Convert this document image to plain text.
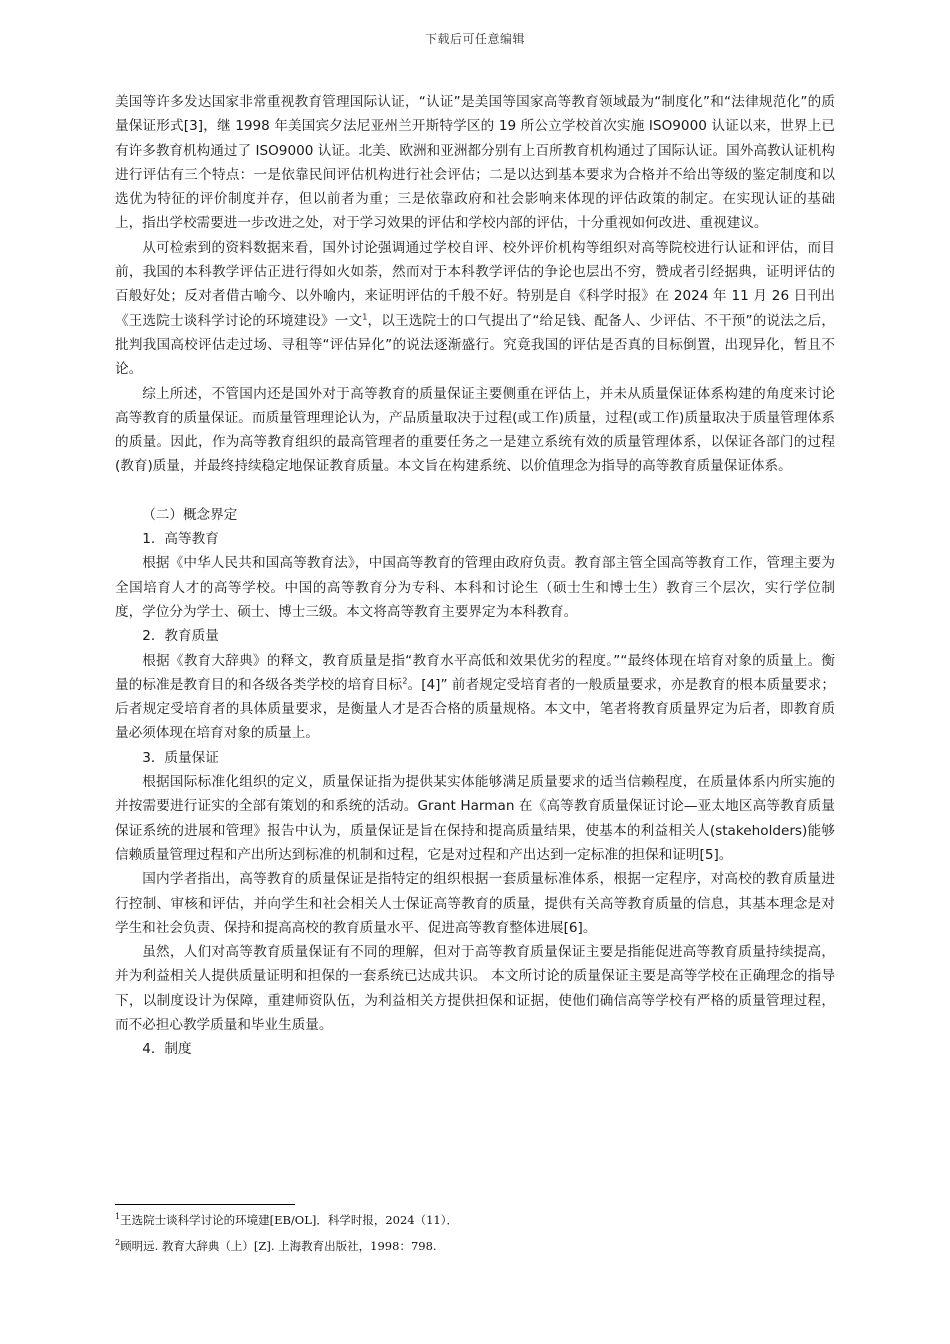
下载后可任意编辑

美国等许多发达国家非常重视教育管理国际认证，“认证”是美国等国家高等教育领域最为“制度化”和“法律规范化”的质量保证形式[3]，继 1998 年美国宾夕法尼亚州兰开斯特学区的 19 所公立学校首次实施 ISO9000 认证以来，世界上已有许多教育机构通过了 ISO9000 认证。北美、欧洲和亚洲都分别有上百所教育机构通过了国际认证。国外高教认证机构进行评估有三个特点：一是依靠民间评估机构进行社会评估；二是以达到基本要求为合格并不给出等级的鉴定制度和以选优为特征的评价制度并存，但以前者为重；三是依靠政府和社会影响来体现的评估政策的制定。在实现认证的基础上，指出学校需要进一步改进之处，对于学习效果的评估和学校内部的评估，十分重视如何改进、重视建议。

从可检索到的资料数据来看，国外讨论强调通过学校自评、校外评价机构等组织对高等院校进行认证和评估，而目前，我国的本科教学评估正进行得如火如荼，然而对于本科教学评估的争论也层出不穷，赞成者引经据典，证明评估的百般好处；反对者借古喻今、以外喻内，来证明评估的千般不好。特别是自《科学时报》在 2024 年 11 月 26 日刊出《王选院士谈科学讨论的环境建设》一文$^1$，以王选院士的口气提出了“给足钱、配备人、少评估、不干预”的说法之后，批判我国高校评估走过场、寻租等“评估异化”的说法逐渐盛行。究竟我国的评估是否真的目标倒置，出现异化，暂且不论。

综上所述，不管国内还是国外对于高等教育的质量保证主要侧重在评估上，并未从质量保证体系构建的角度来讨论高等教育的质量保证。而质量管理理论认为，产品质量取决于过程(或工作)质量，过程(或工作)质量取决于质量管理体系的质量。因此，作为高等教育组织的最高管理者的重要任务之一是建立系统有效的质量管理体系，以保证各部门的过程(教育)质量，并最终持续稳定地保证教育质量。本文旨在构建系统、以价值理念为指导的高等教育质量保证体系。

（二）概念界定

1．高等教育

根据《中华人民共和国高等教育法》，中国高等教育的管理由政府负责。教育部主管全国高等教育工作，管理主要为全国培育人才的高等学校。中国的高等教育分为专科、本科和讨论生（硕士生和博士生）教育三个层次，实行学位制度，学位分为学士、硕士、博士三级。本文将高等教育主要界定为本科教育。

2．教育质量

根据《教育大辞典》的释文，教育质量是指“教育水平高低和效果优劣的程度。”“最终体现在培育对象的质量上。衡量的标准是教育目的和各级各类学校的培育目标$^2$。[4]” 前者规定受培育者的一般质量要求，亦是教育的根本质量要求；后者规定受培育者的具体质量要求，是衡量人才是否合格的质量规格。本文中，笔者将教育质量界定为后者，即教育质量必须体现在培育对象的质量上。

3．质量保证

根据国际标准化组织的定义，质量保证指为提供某实体能够满足质量要求的适当信赖程度，在质量体系内所实施的并按需要进行证实的全部有策划的和系统的活动。Grant Harman 在《高等教育质量保证讨论—亚太地区高等教育质量保证系统的进展和管理》报告中认为，质量保证是旨在保持和提高质量结果，使基本的利益相关人(stakeholders)能够信赖质量管理过程和产出所达到标准的机制和过程，它是对过程和产出达到一定标准的担保和证明[5]。

国内学者指出，高等教育的质量保证是指特定的组织根据一套质量标准体系，根据一定程序，对高校的教育质量进行控制、审核和评估，并向学生和社会相关人士保证高等教育的质量，提供有关高等教育质量的信息，其基本理念是对学生和社会负责、保持和提高高校的教育质量水平、促进高等教育整体进展[6]。

虽然，人们对高等教育质量保证有不同的理解，但对于高等教育质量保证主要是指能促进高等教育质量持续提高，并为利益相关人提供质量证明和担保的一套系统已达成共识。 本文所讨论的质量保证主要是高等学校在正确理念的指导下，以制度设计为保障，重建师资队伍，为利益相关方提供担保和证据，使他们确信高等学校有严格的质量管理过程，而不必担心教学质量和毕业生质量。

4．制度

$^1$王选院士谈科学讨论的环境建[EB/OL]．科学时报，2024（11）．
$^2$顾明远. 教育大辞典（上）[Z]. 上海教育出版社，1998：798.
